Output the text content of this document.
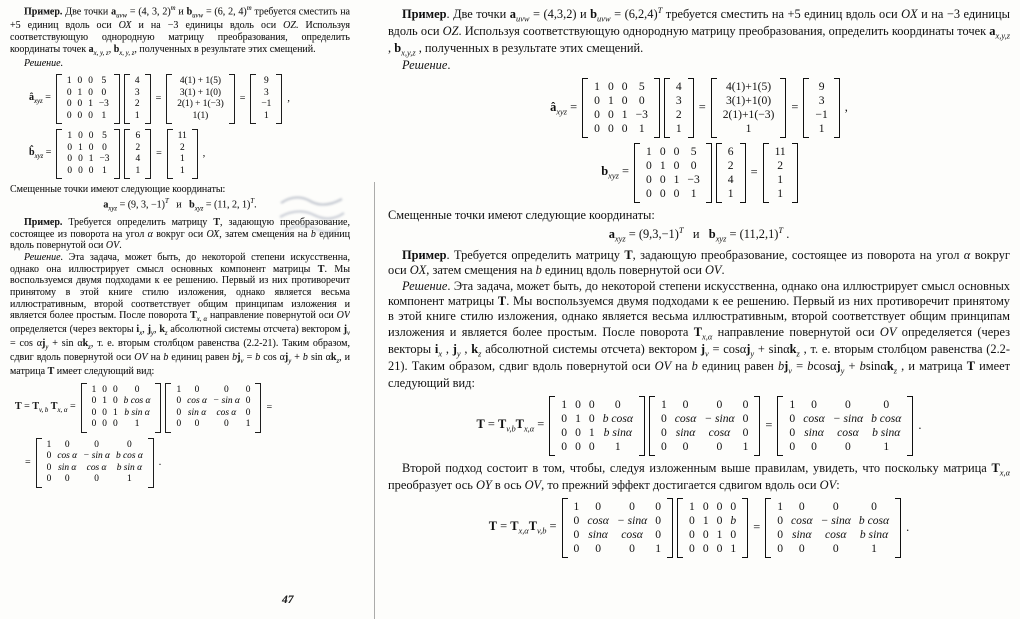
Пример. Две точки $a_{uvw} = (4$, 3, 2)$^т$ и $b_{uvw} = (6$, 2, 4)$^т$ требуется сместить на +5 единиц вдоль оси ОХ и на −3 единицы вдоль оси OZ. Используя соответствующую однородную матрицу преобразования, определить координаты точек $a_{x, y, z}$, $b_{x, y, z}$, полученных в результате этих смещений.

Решение.

$â_{xyz}$ =
1	0	0	5
0	1	0	0
0	0	1	−3
0	0	0	1
4
3
2
1
=
4(1) + 1(5)
3(1) + 1(0)
2(1) + 1(−3)
1(1)
=
9
3
−1
1
,
$b̂_{xyz}$ =
1	0	0	5
0	1	0	0
0	0	1	−3
0	0	0	1
6
2
4
1
=
11
2
1
1
,

Смещенные точки имеют следующие координаты:

$a_{xyz} = (9$, 3, −1)$^T$   и   $b_{xyz} = (11$, 2, 1)$^T$.

Пример. Требуется определить матрицу Т, задающую преобразование, состоящее из поворота на угол α вокруг оси ОХ, затем смещения на b единиц вдоль повернутой оси OV.

Решение. Эта задача, может быть, до некоторой степени искусственна, однако она иллюстрирует смысл основных компонент матрицы Т. Мы воспользуемся двумя подходами к ее решению. Первый из них противоречит принятому в этой книге стилю изложения, однако является весьма иллюстративным, второй соответствует общим принципам изложения и является более простым. После поворота $T_{x, \alpha}$ направление повернутой оси OV определяется (через векторы $i_x$, $j_y$, $k_z$ абсолютной системы отсчета) вектором $j_v = \cos \alpha j_y + \sin \alpha k_z$, т. е. вторым столбцом равенства (2.2-21). Таким образом, сдвиг вдоль повернутой оси OV на b единиц равен $bj_v = b$ $\cos \alpha j_y + b$ $\sin \alpha k_z$, и матрица Т имеет следующий вид:

$T = T_{v, b}$ $T_{x, \alpha}$ =
1	0	0	0
0	1	0	b cos α
0	0	1	b sin α
0	0	0	1
1	0	0	0
0	cos α	− sin α	0
0	sin α	cos α	0
0	0	0	1
=
=
1	0	0	0
0	cos α	− sin α	b cos α
0	sin α	cos α	b sin α
0	0	0	1
.
47

Пример. Две точки $a_{uvw} = (4,3,2)$ и $b_{uvw} = (6,2,4)^T$ требуется сместить на +5 единиц вдоль оси OX и на −3 единицы вдоль оси OZ. Используя соответствующую однородную матрицу преобразования, определить координаты точек $a_{x,y,z}$ , $b_{x,y,z}$ , полученных в результате этих смещений.

Решение.

$â_{xyz}$ =
1	0	0	5
0	1	0	0
0	0	1	−3
0	0	0	1
4
3
2
1
=
4(1)+1(5)
3(1)+1(0)
2(1)+1(−3)
1
=
9
3
−1
1
,
$b_{xyz}$ =
1	0	0	5
0	1	0	0
0	0	1	−3
0	0	0	1
6
2
4
1
=
11
2
1
1

Смещенные точки имеют следующие координаты:

$a_{xyz} = (9,3,-1)^T$   и   $b_{xyz} = (11,2,1)^T$ .

Пример. Требуется определить матрицу T, задающую преобразование, состоящее из поворота на угол α вокруг оси OX, затем смещения на b единиц вдоль повернутой оси OV.

Решение. Эта задача, может быть, до некоторой степени искусственна, однако она иллюстрирует смысл основных компонент матрицы T. Мы воспользуемся двумя подходами к ее решению. Первый из них противоречит принятому в этой книге стилю изложения, однако является весьма иллюстративным, второй соответствует общим принципам изложения и является более простым. После поворота $T_{x,\alpha}$ направление повернутой оси OV определяется (через векторы $i_x$ , $j_y$ , $k_z$ абсолютной системы отсчета) вектором $j_v = \cos\alpha j_y + \sin\alpha k_z$ , т. е. вторым столбцом равенства (2.2-21). Таким образом, сдвиг вдоль повернутой оси OV на b единиц равен $bj_v = bcos\alpha j_y + bsin\alpha k_z$ , и матрица T имеет следующий вид:

$T = T_{v,b}T_{x,\alpha}$ =
1	0	0	0
0	1	0	b cosα
0	0	1	b sinα
0	0	0	1
1	0	0	0
0	cosα	− sinα	0
0	sinα	cosα	0
0	0	0	1
=
1	0	0	0
0	cosα	− sinα	b cosα
0	sinα	cosα	b sinα
0	0	0	1
.

Второй подход состоит в том, чтобы, следуя изложенным выше правилам, увидеть, что поскольку матрица $T_{x,\alpha}$ преобразует ось OY в ось OV, то прежний эффект достигается сдвигом вдоль оси OV:

$T = T_{x,\alpha}T_{v,b}$ =
1	0	0	0
0	cosα	− sinα	0
0	sinα	cosα	0
0	0	0	1
1	0	0	0
0	1	0	b
0	0	1	0
0	0	0	1
=
1	0	0	0
0	cosα	− sinα	b cosα
0	sinα	cosα	b sinα
0	0	0	1
.
